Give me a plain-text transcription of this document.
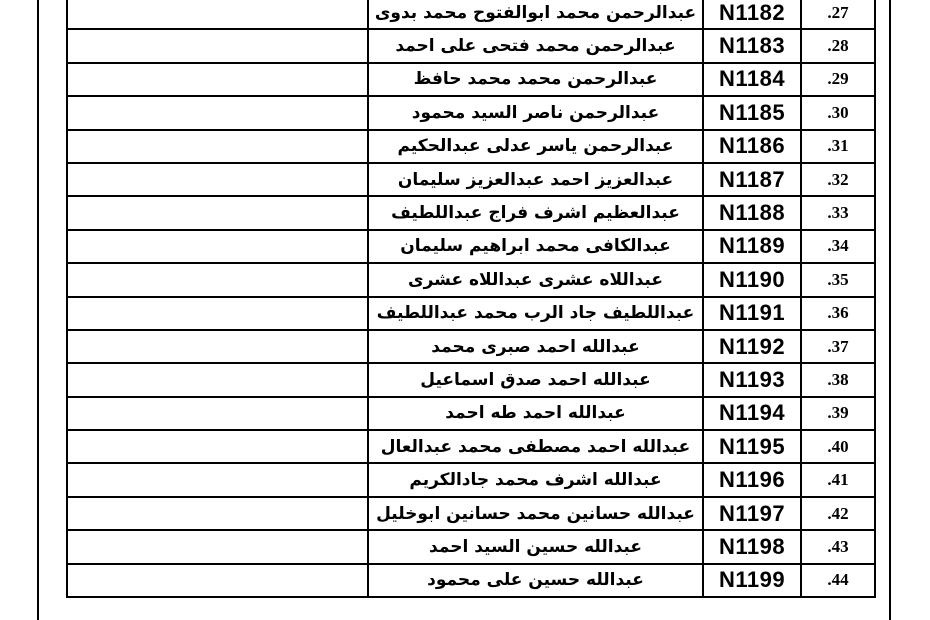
	عبدالرحمن محمد ابوالفتوح محمد بدوى	N1182	.27
	عبدالرحمن محمد فتحى على احمد	N1183	.28
	عبدالرحمن محمد محمد حافظ	N1184	.29
	عبدالرحمن ناصر السيد محمود	N1185	.30
	عبدالرحمن ياسر عدلى عبدالحكيم	N1186	.31
	عبدالعزيز احمد عبدالعزيز سليمان	N1187	.32
	عبدالعظيم اشرف فراج عبداللطيف	N1188	.33
	عبدالكافى محمد ابراهيم سليمان	N1189	.34
	عبداللاه عشرى عبداللاه عشرى	N1190	.35
	عبداللطيف جاد الرب محمد عبداللطيف	N1191	.36
	عبدالله احمد صبرى محمد	N1192	.37
	عبدالله احمد صدق اسماعيل	N1193	.38
	عبدالله احمد طه احمد	N1194	.39
	عبدالله احمد مصطفى محمد عبدالعال	N1195	.40
	عبدالله اشرف محمد جادالكريم	N1196	.41
	عبدالله حسانين محمد حسانين ابوخليل	N1197	.42
	عبدالله حسين السيد احمد	N1198	.43
	عبدالله حسين على محمود	N1199	.44
